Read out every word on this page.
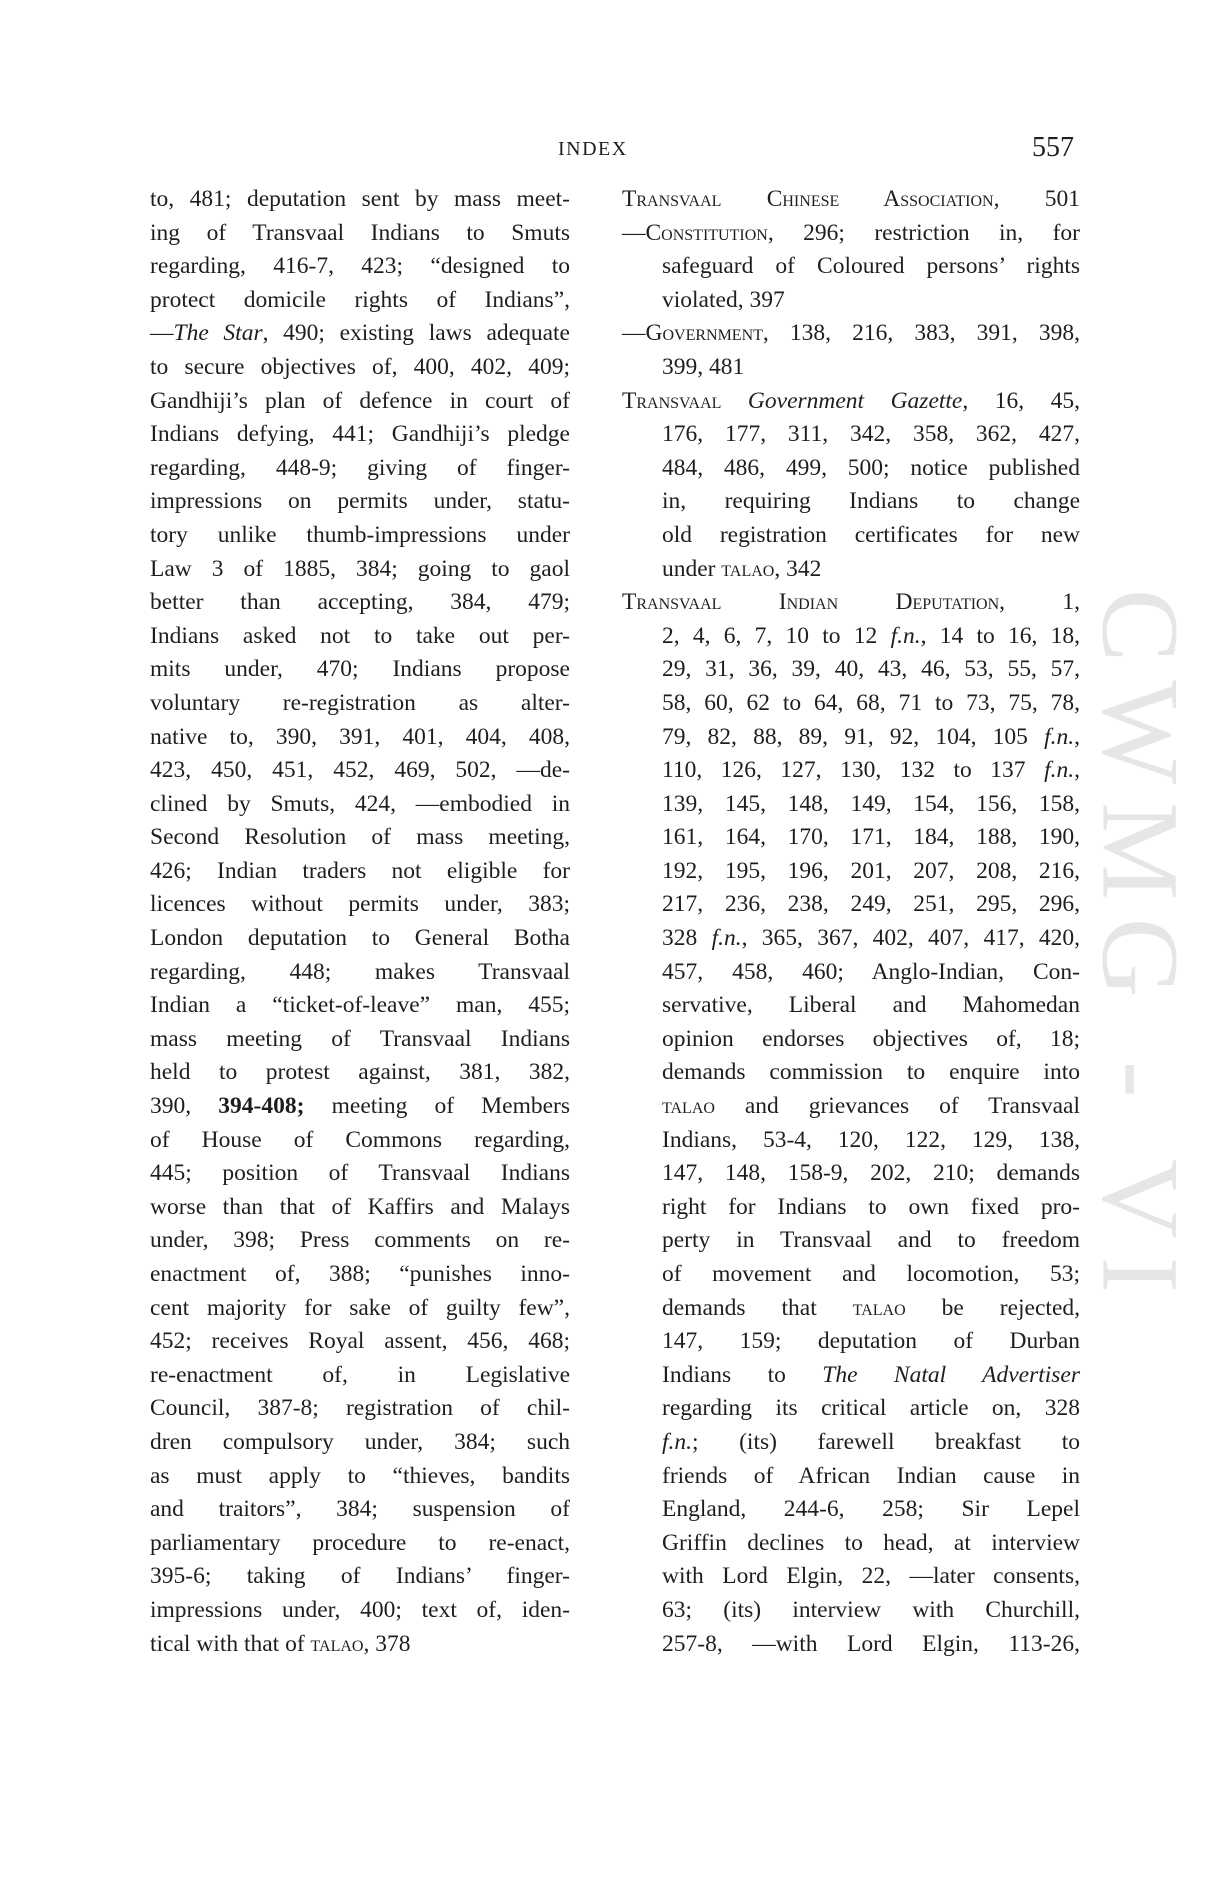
INDEX	557
to, 481; deputation sent by mass meet-
ing of Transvaal Indians to Smuts
regarding, 416-7, 423; “designed to
protect domicile rights of Indians”,
—The Star, 490; existing laws adequate
to secure objectives of, 400, 402, 409;
Gandhiji’s plan of defence in court of
Indians defying, 441; Gandhiji’s pledge
regarding, 448-9; giving of finger-
impressions on permits under, statu-
tory unlike thumb-impressions under
Law 3 of 1885, 384; going to gaol
better than accepting, 384, 479;
Indians asked not to take out per-
mits under, 470; Indians propose
voluntary re-registration as alter-
native to, 390, 391, 401, 404, 408,
423, 450, 451, 452, 469, 502, —de-
clined by Smuts, 424, —embodied in
Second Resolution of mass meeting,
426; Indian traders not eligible for
licences without permits under, 383;
London deputation to General Botha
regarding, 448; makes Transvaal
Indian a “ticket-of-leave” man, 455;
mass meeting of Transvaal Indians
held to protest against, 381, 382,
390, 394-408; meeting of Members
of House of Commons regarding,
445; position of Transvaal Indians
worse than that of Kaffirs and Malays
under, 398; Press comments on re-
enactment of, 388; “punishes inno-
cent majority for sake of guilty few”,
452; receives Royal assent, 456, 468;
re-enactment of, in Legislative
Council, 387-8; registration of chil-
dren compulsory under, 384; such
as must apply to “thieves, bandits
and traitors”, 384; suspension of
parliamentary procedure to re-enact,
395-6; taking of Indians’ finger-
impressions under, 400; text of, iden-
tical with that of talao, 378
Transvaal Chinese Association, 501
—Constitution, 296; restriction in, for
safeguard of Coloured persons’ rights
violated, 397
—Government, 138, 216, 383, 391, 398,
399, 481
Transvaal Government Gazette, 16, 45,
176, 177, 311, 342, 358, 362, 427,
484, 486, 499, 500; notice published
in, requiring Indians to change
old registration certificates for new
under talao, 342
Transvaal Indian Deputation, 1,
2, 4, 6, 7, 10 to 12 f.n., 14 to 16, 18,
29, 31, 36, 39, 40, 43, 46, 53, 55, 57,
58, 60, 62 to 64, 68, 71 to 73, 75, 78,
79, 82, 88, 89, 91, 92, 104, 105 f.n.,
110, 126, 127, 130, 132 to 137 f.n.,
139, 145, 148, 149, 154, 156, 158,
161, 164, 170, 171, 184, 188, 190,
192, 195, 196, 201, 207, 208, 216,
217, 236, 238, 249, 251, 295, 296,
328 f.n., 365, 367, 402, 407, 417, 420,
457, 458, 460; Anglo-Indian, Con-
servative, Liberal and Mahomedan
opinion endorses objectives of, 18;
demands commission to enquire into
talao and grievances of Transvaal
Indians, 53-4, 120, 122, 129, 138,
147, 148, 158-9, 202, 210; demands
right for Indians to own fixed pro-
perty in Transvaal and to freedom
of movement and locomotion, 53;
demands that talao be rejected,
147, 159; deputation of Durban
Indians to The Natal Advertiser
regarding its critical article on, 328
f.n.; (its) farewell breakfast to
friends of African Indian cause in
England, 244-6, 258; Sir Lepel
Griffin declines to head, at interview
with Lord Elgin, 22, —later consents,
63; (its) interview with Churchill,
257-8, —with Lord Elgin, 113-26,
CWMG - VI
